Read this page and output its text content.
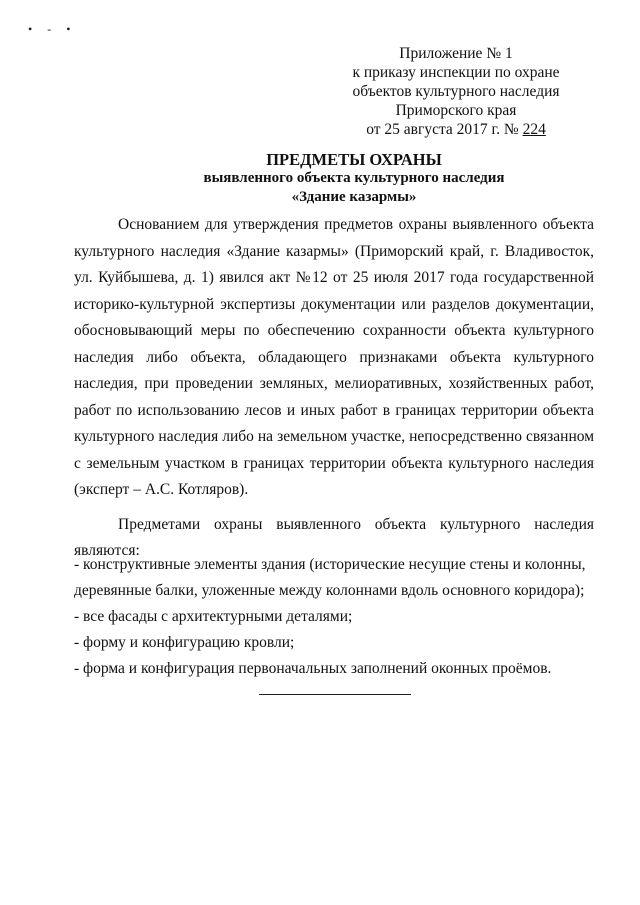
• - •
Приложение № 1
к приказу инспекции по охране
объектов культурного наследия
Приморского края
от 25 августа 2017 г. № 224
ПРЕДМЕТЫ ОХРАНЫ
выявленного объекта культурного наследия
«Здание казармы»

Основанием для утверждения предметов охраны выявленного объекта культурного наследия «Здание казармы» (Приморский край, г. Владивосток, ул. Куйбышева, д. 1) явился акт №12 от 25 июля 2017 года государственной историко-культурной экспертизы документации или разделов документации, обосновывающий меры по обеспечению сохранности объекта культурного наследия либо объекта, обладающего признаками объекта культурного наследия, при проведении земляных, мелиоративных, хозяйственных работ, работ по использованию лесов и иных работ в границах территории объекта культурного наследия либо на земельном участке, непосредственно связанном с земельным участком в границах территории объекта культурного наследия (эксперт – А.С. Котляров).

Предметами охраны выявленного объекта культурного наследия являются:

- конструктивные элементы здания (исторические несущие стены и колонны,
деревянные балки, уложенные между колоннами вдоль основного коридора);
- все фасады с архитектурными деталями;
- форму и конфигурацию кровли;
- форма и конфигурация первоначальных заполнений оконных проёмов.
